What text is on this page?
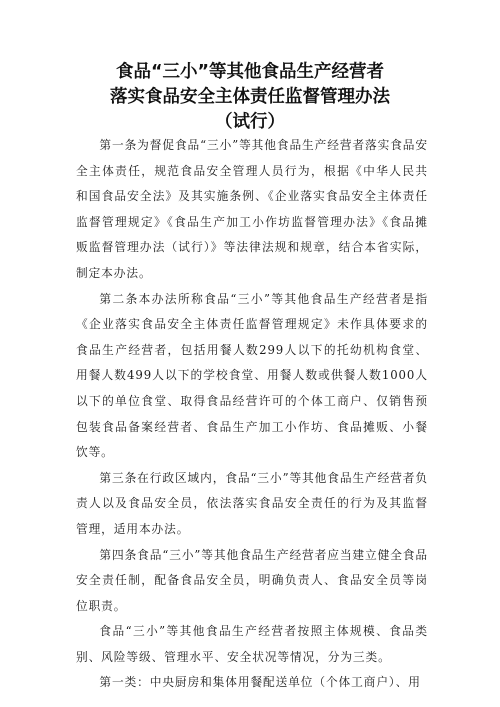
食品“三小”等其他食品生产经营者
落实食品安全主体责任监督管理办法
（试行）

第一条为督促食品“三小”等其他食品生产经营者落实食品安全主体责任，规范食品安全管理人员行为，根据《中华人民共和国食品安全法》及其实施条例、《企业落实食品安全主体责任监督管理规定》《食品生产加工小作坊监督管理办法》《食品摊贩监督管理办法（试行）》等法律法规和规章，结合本省实际，制定本办法。

第二条本办法所称食品“三小”等其他食品生产经营者是指《企业落实食品安全主体责任监督管理规定》未作具体要求的食品生产经营者，包括用餐人数299人以下的托幼机构食堂、用餐人数499人以下的学校食堂、用餐人数或供餐人数1000人以下的单位食堂、取得食品经营许可的个体工商户、仅销售预包装食品备案经营者、食品生产加工小作坊、食品摊贩、小餐饮等。

第三条在行政区域内，食品“三小”等其他食品生产经营者负责人以及食品安全员，依法落实食品安全责任的行为及其监督管理，适用本办法。

第四条食品“三小”等其他食品生产经营者应当建立健全食品安全责任制，配备食品安全员，明确负责人、食品安全员等岗位职责。

食品“三小”等其他食品生产经营者按照主体规模、食品类别、风险等级、管理水平、安全状况等情况，分为三类。

第一类：中央厨房和集体用餐配送单位（个体工商户）、用
